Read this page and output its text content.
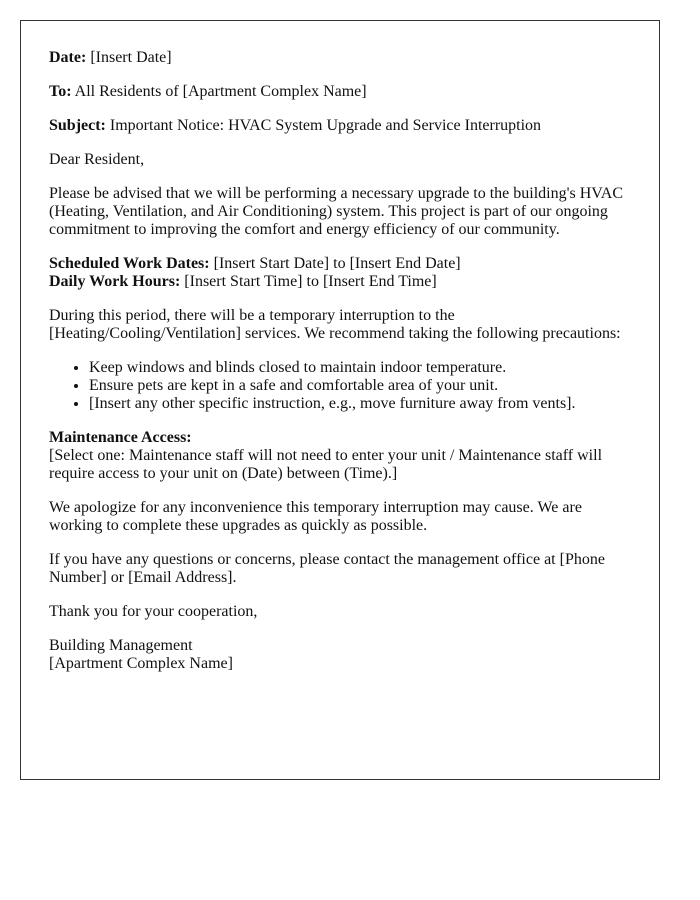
Date: [Insert Date]

To: All Residents of [Apartment Complex Name]

Subject: Important Notice: HVAC System Upgrade and Service Interruption

Dear Resident,

Please be advised that we will be performing a necessary upgrade to the building's HVAC (Heating, Ventilation, and Air Conditioning) system. This project is part of our ongoing commitment to improving the comfort and energy efficiency of our community.

Scheduled Work Dates: [Insert Start Date] to [Insert End Date]
Daily Work Hours: [Insert Start Time] to [Insert End Time]

During this period, there will be a temporary interruption to the [Heating/Cooling/Ventilation] services. We recommend taking the following precautions:

• Keep windows and blinds closed to maintain indoor temperature.
• Ensure pets are kept in a safe and comfortable area of your unit.
• [Insert any other specific instruction, e.g., move furniture away from vents].

Maintenance Access:
[Select one: Maintenance staff will not need to enter your unit / Maintenance staff will require access to your unit on (Date) between (Time).]

We apologize for any inconvenience this temporary interruption may cause. We are working to complete these upgrades as quickly as possible.

If you have any questions or concerns, please contact the management office at [Phone Number] or [Email Address].

Thank you for your cooperation,

Building Management
[Apartment Complex Name]
